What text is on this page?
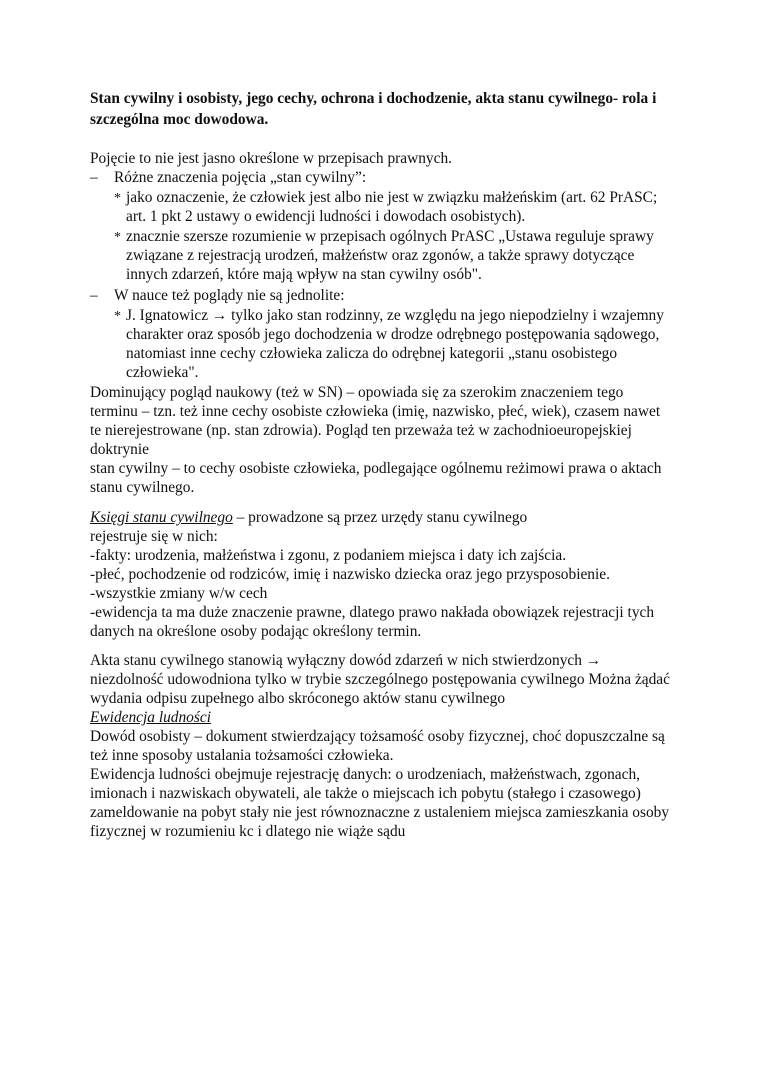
Stan cywilny i osobisty, jego cechy, ochrona i dochodzenie, akta stanu cywilnego- rola i szczególna moc dowodowa.

Pojęcie to nie jest jasno określone w przepisach prawnych.

– Różne znaczenia pojęcia „stan cywilny”:

* jako oznaczenie, że człowiek jest albo nie jest w związku małżeńskim (art. 62 PrASC;

art. 1 pkt 2 ustawy o ewidencji ludności i dowodach osobistych).

* znacznie szersze rozumienie w przepisach ogólnych PrASC „Ustawa reguluje sprawy

związane z rejestracją urodzeń, małżeństw oraz zgonów, a także sprawy dotyczące

innych zdarzeń, które mają wpływ na stan cywilny osób".

– W nauce też poglądy nie są jednolite:

* J. Ignatowicz → tylko jako stan rodzinny, ze względu na jego niepodzielny i wzajemny

charakter oraz sposób jego dochodzenia w drodze odrębnego postępowania sądowego,

natomiast inne cechy człowieka zalicza do odrębnej kategorii „stanu osobistego

człowieka".

Dominujący pogląd naukowy (też w SN) – opowiada się za szerokim znaczeniem tego

terminu – tzn. też inne cechy osobiste człowieka (imię, nazwisko, płeć, wiek), czasem nawet

te nierejestrowane (np. stan zdrowia). Pogląd ten przeważa też w zachodnioeuropejskiej

doktrynie

stan cywilny – to cechy osobiste człowieka, podlegające ogólnemu reżimowi prawa o aktach

stanu cywilnego.

Księgi stanu cywilnego – prowadzone są przez urzędy stanu cywilnego

rejestruje się w nich:

-fakty: urodzenia, małżeństwa i zgonu, z podaniem miejsca i daty ich zajścia.

-płeć, pochodzenie od rodziców, imię i nazwisko dziecka oraz jego przysposobienie.

-wszystkie zmiany w/w cech

-ewidencja ta ma duże znaczenie prawne, dlatego prawo nakłada obowiązek rejestracji tych

danych na określone osoby podając określony termin.

Akta stanu cywilnego stanowią wyłączny dowód zdarzeń w nich stwierdzonych →

niezdolność udowodniona tylko w trybie szczególnego postępowania cywilnego Można żądać

wydania odpisu zupełnego albo skróconego aktów stanu cywilnego

Ewidencja ludności

Dowód osobisty – dokument stwierdzający tożsamość osoby fizycznej, choć dopuszczalne są

też inne sposoby ustalania tożsamości człowieka.

Ewidencja ludności obejmuje rejestrację danych: o urodzeniach, małżeństwach, zgonach,

imionach i nazwiskach obywateli, ale także o miejscach ich pobytu (stałego i czasowego)

zameldowanie na pobyt stały nie jest równoznaczne z ustaleniem miejsca zamieszkania osoby

fizycznej w rozumieniu kc i dlatego nie wiąże sądu
